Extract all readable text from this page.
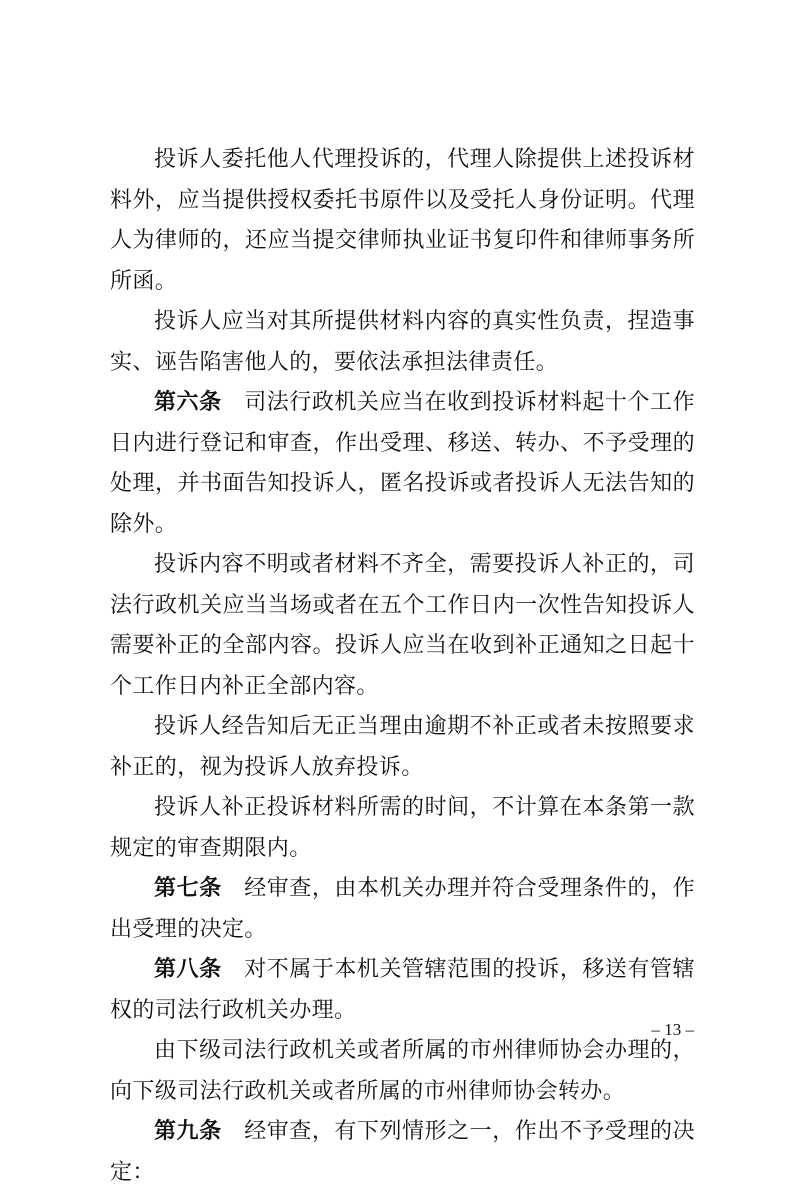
投诉人委托他人代理投诉的，代理人除提供上述投诉材料外，应当提供授权委托书原件以及受托人身份证明。代理人为律师的，还应当提交律师执业证书复印件和律师事务所所函。

投诉人应当对其所提供材料内容的真实性负责，捏造事实、诬告陷害他人的，要依法承担法律责任。

第六条　 司法行政机关应当在收到投诉材料起十个工作日内进行登记和审查，作出受理、移送、转办、不予受理的处理，并书面告知投诉人，匿名投诉或者投诉人无法告知的除外。

投诉内容不明或者材料不齐全，需要投诉人补正的，司法行政机关应当当场或者在五个工作日内一次性告知投诉人需要补正的全部内容。投诉人应当在收到补正通知之日起十个工作日内补正全部内容。

投诉人经告知后无正当理由逾期不补正或者未按照要求补正的，视为投诉人放弃投诉。

投诉人补正投诉材料所需的时间，不计算在本条第一款规定的审查期限内。

第七条　 经审查，由本机关办理并符合受理条件的，作出受理的决定。

第八条　 对不属于本机关管辖范围的投诉，移送有管辖权的司法行政机关办理。

由下级司法行政机关或者所属的市州律师协会办理的，向下级司法行政机关或者所属的市州律师协会转办。

第九条　 经审查，有下列情形之一，作出不予受理的决定：

– 13 –
